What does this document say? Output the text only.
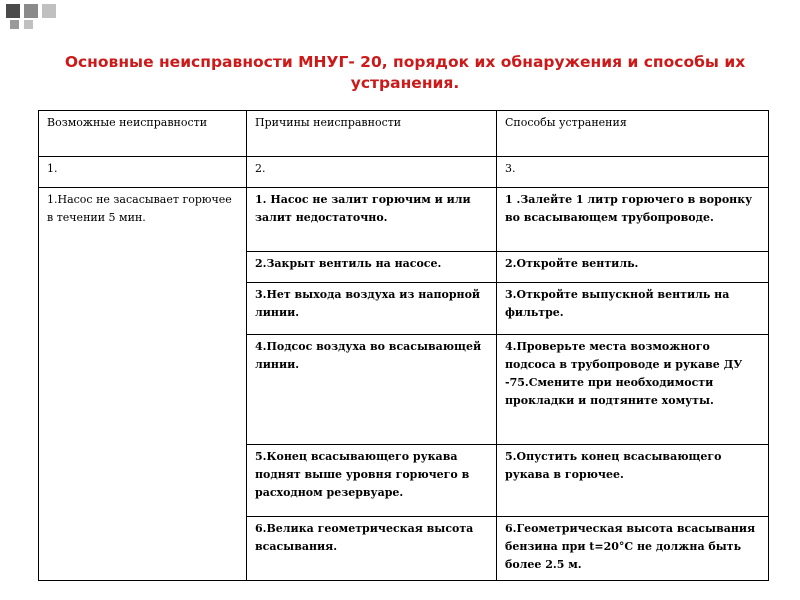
Основные неисправности МНУГ- 20, порядок их обнаружения и способы их
устранения.
Возможные неисправности	Причины неисправности	Способы устранения
1.	2.	3.
1.Насос не засасывает горючее в течении 5 мин.	1. Насос не залит горючим и или залит недостаточно.	1 .Залейте 1 литр горючего в воронку во всасывающем трубопроводе.
	2.Закрыт вентиль на насосе.	2.Откройте вентиль.
	3.Нет выхода воздуха из напорной линии.	3.Откройте выпускной вентиль на фильтре.
	4.Подсос воздуха во всасывающей линии.	4.Проверьте места возможного подсоса в трубопроводе и рукаве ДУ -75.Смените при необходимости прокладки и подтяните хомуты.
	5.Конец всасывающего рукава поднят выше уровня горючего в расходном резервуаре.	5.Опустить конец всасывающего рукава в горючее.
	6.Велика геометрическая высота всасывания.	6.Геометрическая высота всасывания бензина при t=20°С не должна быть более 2.5 м.
